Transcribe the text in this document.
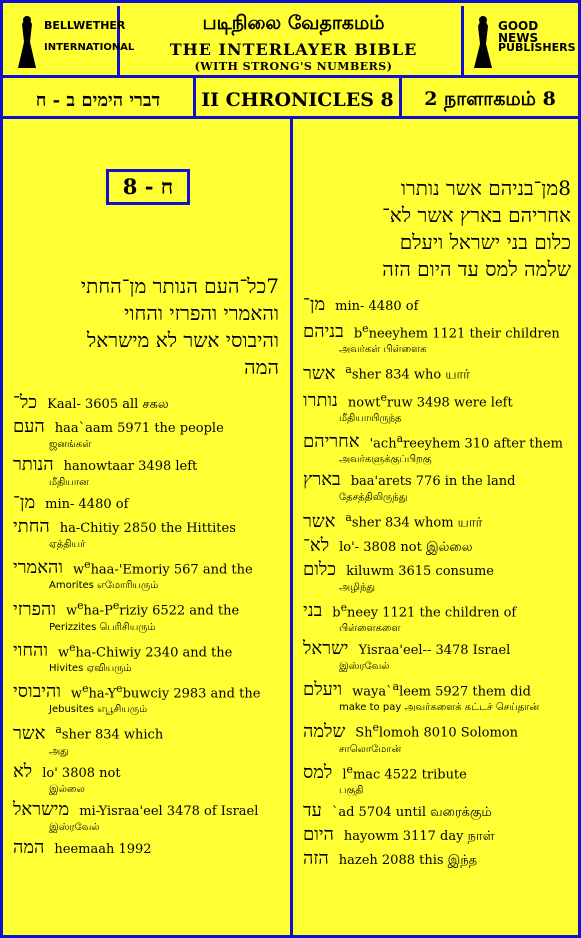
BELLWETHER
INTERNATIONAL
படிநிலை வேதாகமம்
THE INTERLAYER BIBLE
(WITH STRONG'S NUMBERS)
GOOD NEWS
PUBLISHERS
דברי הימים ב - ח	II CHRONICLES 8	2 நாளாகமம் 8
ח - 8
7כל־העם הנותר מן־החתי
והאמרי והפרזי והחוי
והיבוסי אשר לא מישראל
המה
כל־ Kaal- 3605 all சகல
העם haa`aam 5971 the people
ஜனங்கள்
הנותר hanowtaar 3498 left
மீதியான
מן־ min- 4480 of
החתי ha-Chitiy 2850 the Hittites
ஏத்தியர்
והאמרי $w^ehaa-'Emoriy$ 567 and the
Amorites எமோரியரும்
והפרזי $w^eha-P^eriziy$ 6522 and the
Perizzites பெரிசியரும்
והחוי $w^eha$-Chiwiy 2340 and the
Hivites ஏவியரும்
והיבוסי $w^eha-Y^ebuwciy$ 2983 and the
Jebusites எபூசியரும்
אשר $^a$sher 834 which
அது
לא lo' 3808 not
இல்லை
מישראל mi-Yisraa'eel 3478 of Israel
இஸ்ரவேல்
המה heemaah 1992
8מן־בניהם אשר נותרו
אחריהם בארץ אשר לא־
כלום בני ישראל ויעלם
שלמה למס עד היום הזה
מן־ min- 4480 of
בניהם $b^eneeyhem$ 1121 their children
அவர்கள் பிள்ளைக
אשר $^a$sher 834 who யார்
נותרו nowt$^e$ruw 3498 were left
மீதியாயிருந்த
אחריהם 'ach$^a$reeyhem 310 after them
அவர்களுக்குப்பிறகு
בארץ baa'arets 776 in the land
தேசத்திலிருந்து
אשר $^a$sher 834 whom யார்
לא־ lo'- 3808 not இல்லை
כלום kiluwm 3615 consume
அழிந்து
בני $b^eneey$ 1121 the children of
பிள்ளைகளை
ישראל Yisraa'eel-- 3478 Israel
இஸ்ரவேல்
ויעלם waya`$^a$leem 5927 them did
make to pay அவர்களைக் கட்டச் செய்தான்
שלמה Sh$^e$lomoh 8010 Solomon
சாலொமோன்
למס $l^emac$ 4522 tribute
பகுதி
עד `ad 5704 until வரைக்கும்
היום hayowm 3117 day நாள்
הזה hazeh 2088 this இந்த
